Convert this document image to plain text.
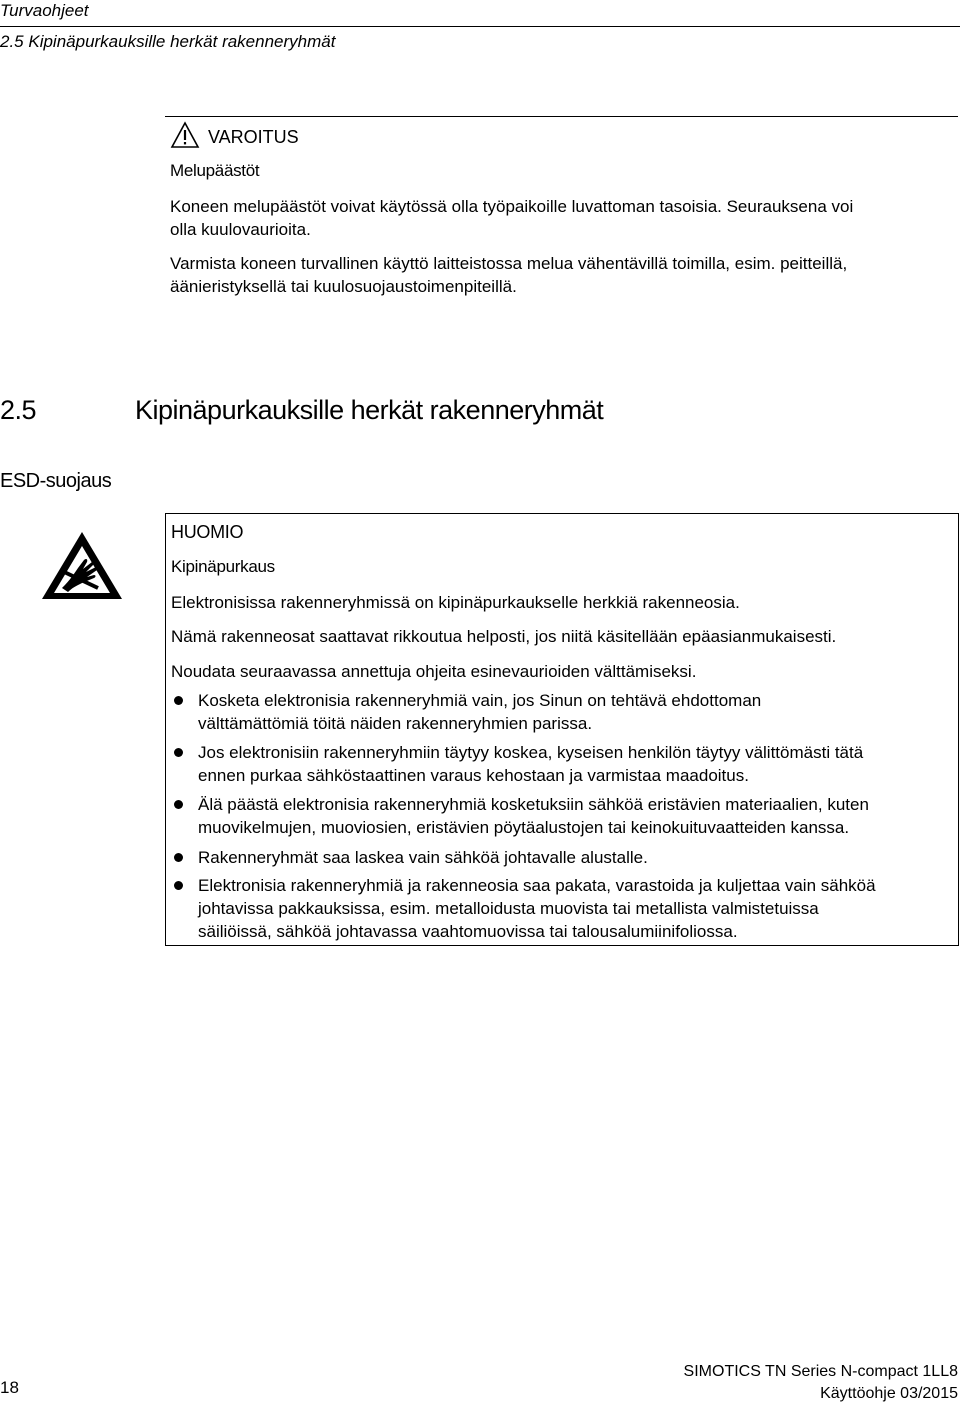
Turvaohjeet
2.5 Kipinäpurkauksille herkät rakenneryhmät
VAROITUS
Melupäästöt
Koneen melupäästöt voivat käytössä olla työpaikoille luvattoman tasoisia. Seurauksena voi
olla kuulovaurioita.
Varmista koneen turvallinen käyttö laitteistossa melua vähentävillä toimilla, esim. peitteillä,
äänieristyksellä tai kuulosuojaustoimenpiteillä.
2.5	Kipinäpurkauksille herkät rakenneryhmät
ESD-suojaus
HUOMIO
Kipinäpurkaus
Elektronisissa rakenneryhmissä on kipinäpurkaukselle herkkiä rakenneosia.
Nämä rakenneosat saattavat rikkoutua helposti, jos niitä käsitellään epäasianmukaisesti.
Noudata seuraavassa annettuja ohjeita esinevaurioiden välttämiseksi.
Kosketa elektronisia rakenneryhmiä vain, jos Sinun on tehtävä ehdottoman
välttämättömiä töitä näiden rakenneryhmien parissa.
Jos elektronisiin rakenneryhmiin täytyy koskea, kyseisen henkilön täytyy välittömästi tätä
ennen purkaa sähköstaattinen varaus kehostaan ja varmistaa maadoitus.
Älä päästä elektronisia rakenneryhmiä kosketuksiin sähköä eristävien materiaalien, kuten
muovikelmujen, muoviosien, eristävien pöytäalustojen tai keinokuituvaatteiden kanssa.
Rakenneryhmät saa laskea vain sähköä johtavalle alustalle.
Elektronisia rakenneryhmiä ja rakenneosia saa pakata, varastoida ja kuljettaa vain sähköä
johtavissa pakkauksissa, esim. metalloidusta muovista tai metallista valmistetuissa
säiliöissä, sähköä johtavassa vaahtomuovissa tai talousalumiinifoliossa.
18
SIMOTICS TN Series N-compact 1LL8
Käyttöohje 03/2015
